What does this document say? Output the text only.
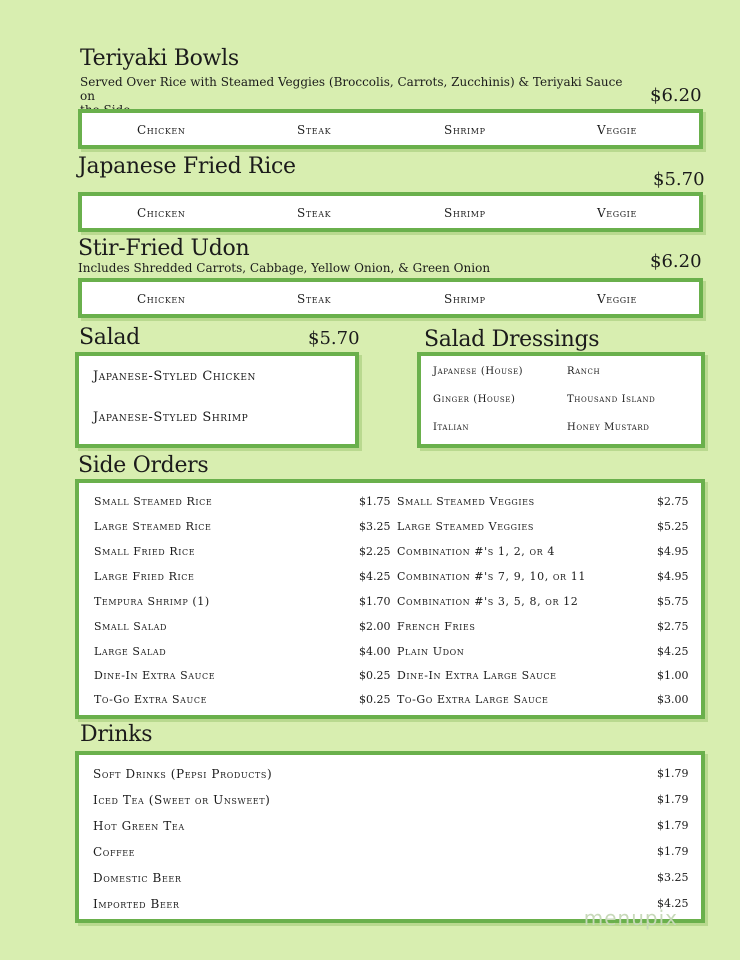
Teriyaki Bowls
Served Over Rice with Steamed Veggies (Broccolis, Carrots, Zucchinis) & Teriyaki Sauce on	$6.20
Chicken	Steak	Shrimp	Veggie
Japanese Fried Rice
$5.70
Chicken	Steak	Shrimp	Veggie
Stir-Fried Udon
Includes Shredded Carrots, Cabbage, Yellow Onion, & Green Onion	$6.20
Chicken	Steak	Shrimp	Veggie
Salad	$5.70
Japanese-Styled Chicken
Japanese-Styled Shrimp
Salad Dressings
Japanese (House)	Ranch
Ginger (House)	Thousand Island
Italian	Honey Mustard
Side Orders
Small Steamed Rice	$1.75 Small Steamed Veggies	$2.75
Large Steamed Rice	$3.25 Large Steamed Veggies	$5.25
Small Fried Rice	$2.25 Combination #'s 1, 2, or 4	$4.95
Large Fried Rice	$4.25 Combination #'s 7, 9, 10, or 11	$4.95
Tempura Shrimp (1)	$1.70 Combination #'s 3, 5, 8, or 12	$5.75
Small Salad	$2.00 French Fries	$2.75
Large Salad	$4.00 Plain Udon	$4.25
Dine-In Extra Sauce	$0.25 Dine-In Extra Large Sauce	$1.00
To-Go Extra Sauce	$0.25 To-Go Extra Large Sauce	$3.00
Drinks
Soft Drinks (Pepsi Products)	$1.79
Iced Tea (Sweet or Unsweet)	$1.79
Hot Green Tea	$1.79
Coffee	$1.79
Domestic Beer	$3.25
Imported Beer	$4.25
menupix
